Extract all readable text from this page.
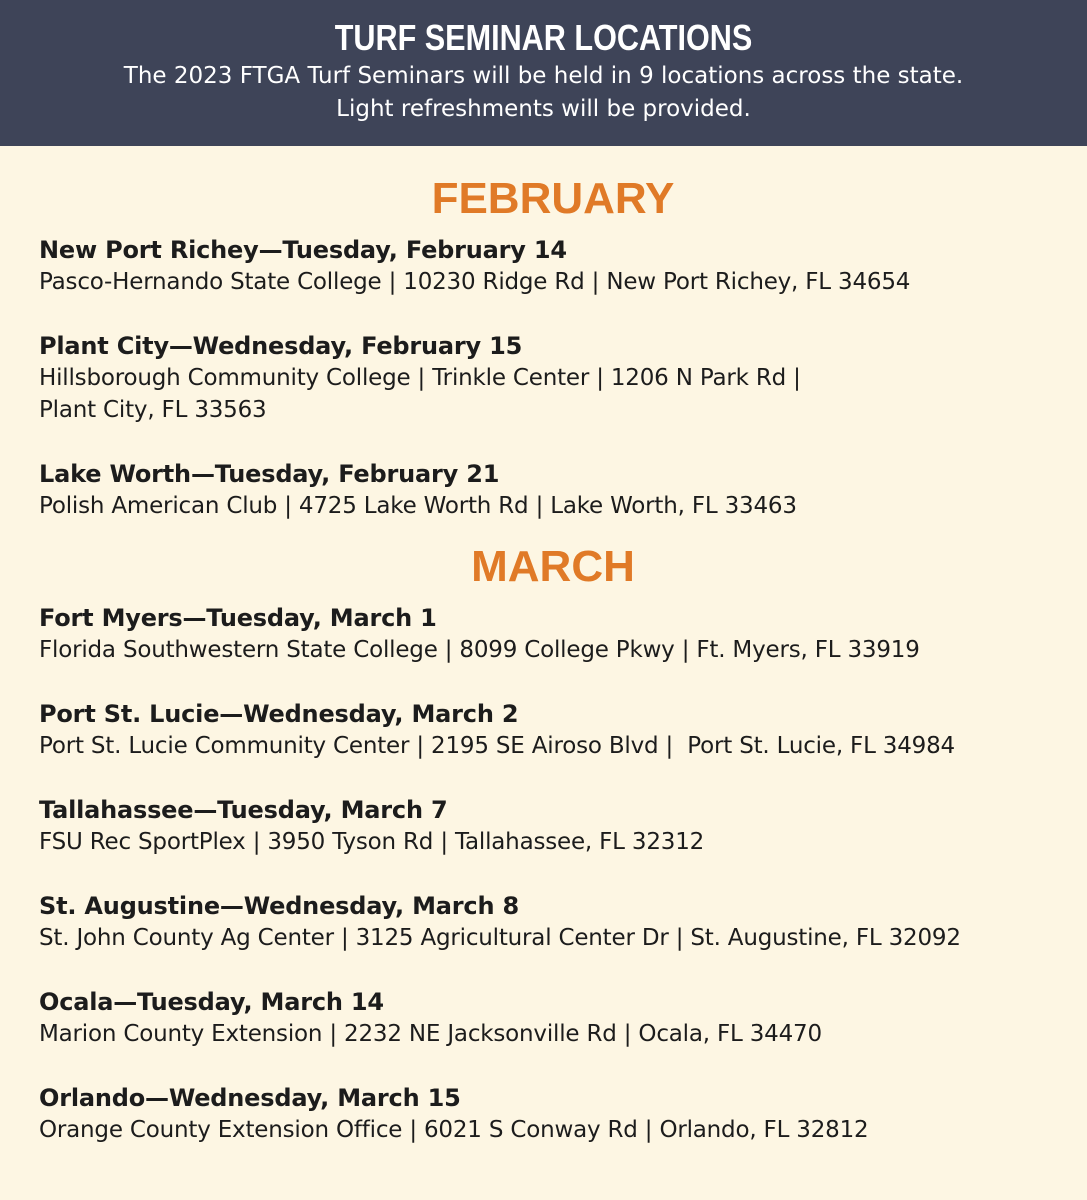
TURF SEMINAR LOCATIONS
The 2023 FTGA Turf Seminars will be held in 9 locations across the state.
Light refreshments will be provided.
FEBRUARY
New Port Richey—Tuesday, February 14
Pasco-Hernando State College | 10230 Ridge Rd | New Port Richey, FL 34654
Plant City—Wednesday, February 15
Hillsborough Community College | Trinkle Center | 1206 N Park Rd |
Plant City, FL 33563
Lake Worth—Tuesday, February 21
Polish American Club | 4725 Lake Worth Rd | Lake Worth, FL 33463
MARCH
Fort Myers—Tuesday, March 1
Florida Southwestern State College | 8099 College Pkwy | Ft. Myers, FL 33919
Port St. Lucie—Wednesday, March 2
Port St. Lucie Community Center | 2195 SE Airoso Blvd |  Port St. Lucie, FL 34984
Tallahassee—Tuesday, March 7
FSU Rec SportPlex | 3950 Tyson Rd | Tallahassee, FL 32312
St. Augustine—Wednesday, March 8
St. John County Ag Center | 3125 Agricultural Center Dr | St. Augustine, FL 32092
Ocala—Tuesday, March 14
Marion County Extension | 2232 NE Jacksonville Rd | Ocala, FL 34470
Orlando—Wednesday, March 15
Orange County Extension Office | 6021 S Conway Rd | Orlando, FL 32812
